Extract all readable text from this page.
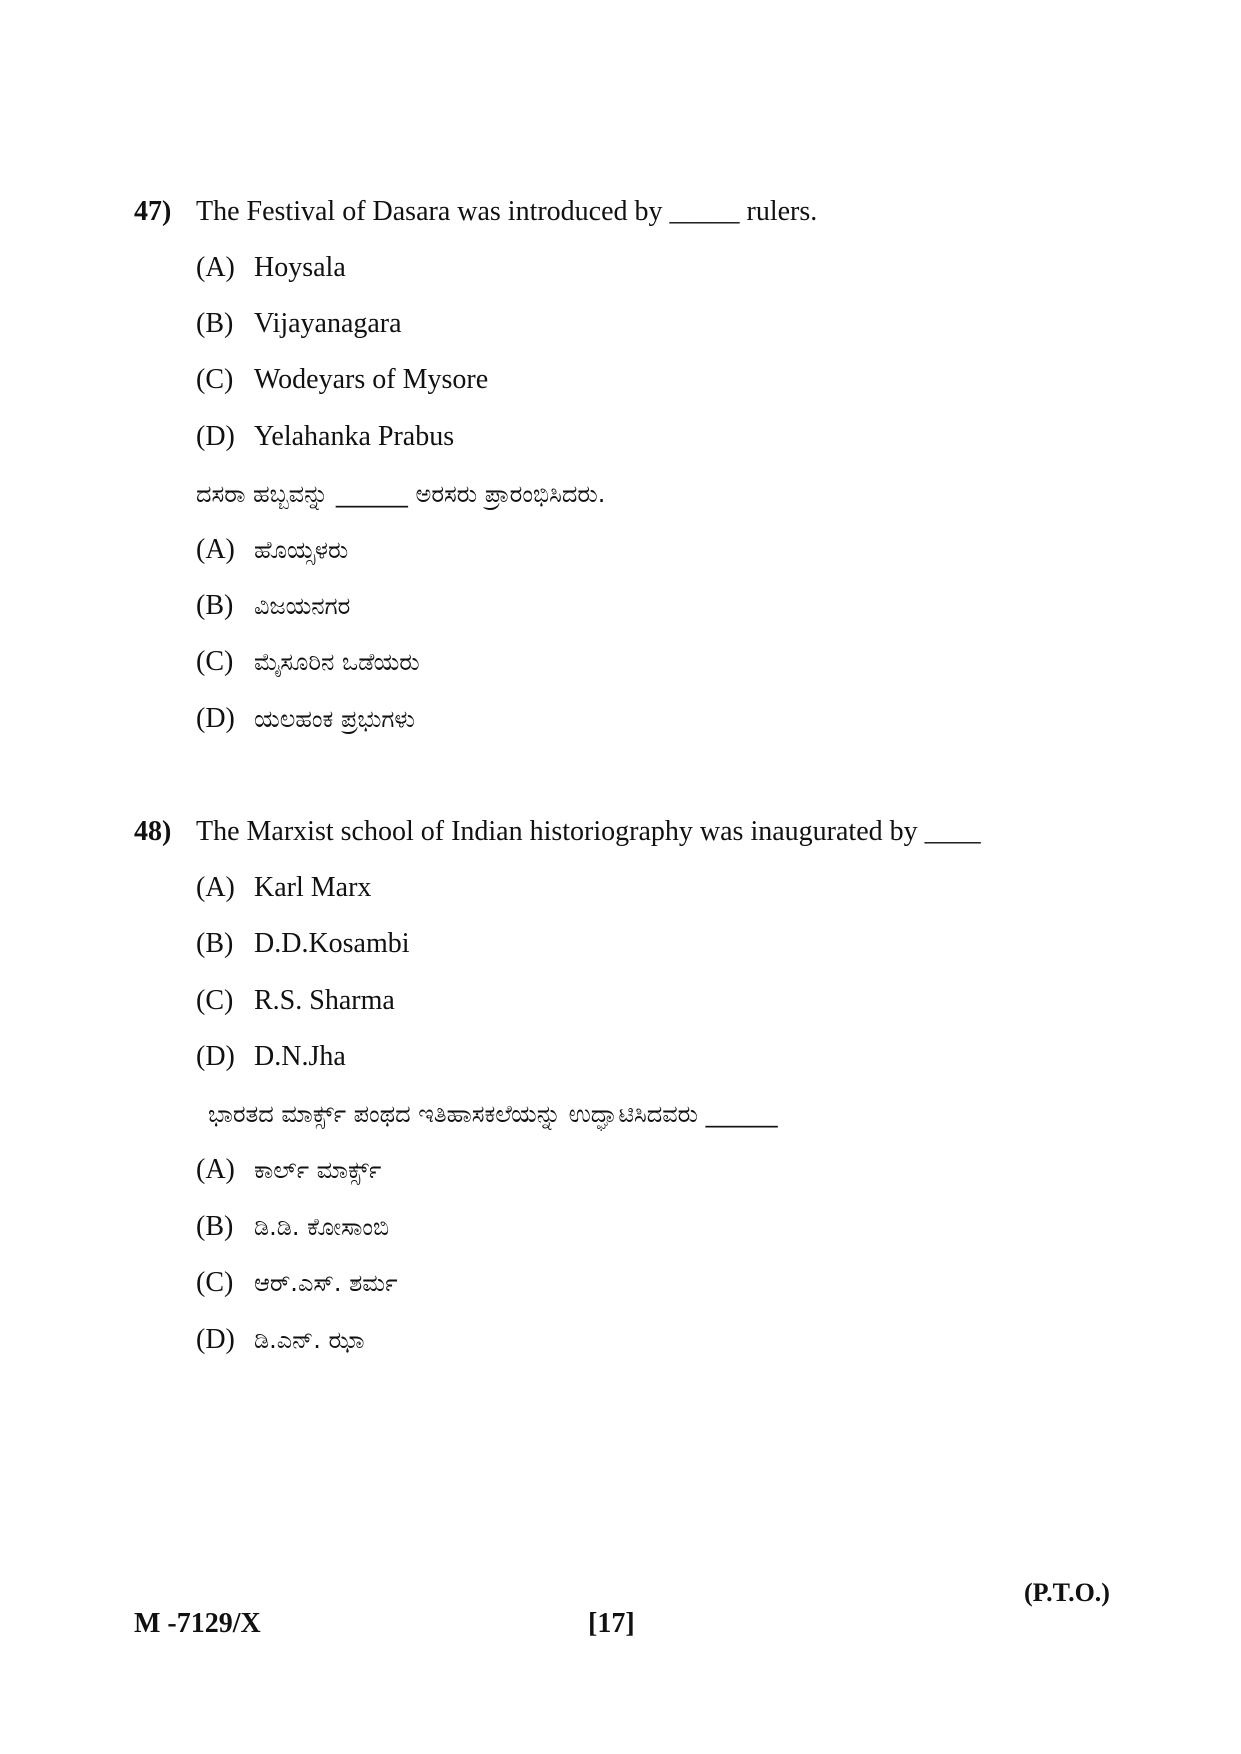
47) The Festival of Dasara was introduced by _____ rulers.
(A) Hoysala
(B) Vijayanagara
(C) Wodeyars of Mysore
(D) Yelahanka Prabus
ದಸರಾ ಹಬ್ಬವನ್ನು ______ ಅರಸರು ಪ್ರಾರಂಭಿಸಿದರು.
(A) ಹೊಯ್ಸಳರು
(B) ವಿಜಯನಗರ
(C) ಮೈಸೂರಿನ ಒಡೆಯರು
(D) ಯಲಹಂಕ ಪ್ರಭುಗಳು
48) The Marxist school of Indian historiography was inaugurated by ____
(A) Karl Marx
(B) D.D.Kosambi
(C) R.S. Sharma
(D) D.N.Jha
ಭಾರತದ ಮಾರ್ಕ್ಸ್ ಪಂಥದ ಇತಿಹಾಸಕಲೆಯನ್ನು ಉದ್ಘಾಟಿಸಿದವರು ______
(A) ಕಾರ್ಲ್ ಮಾರ್ಕ್ಸ್
(B) ಡಿ.ಡಿ. ಕೋಸಾಂಬಿ
(C) ಆರ್.ಎಸ್. ಶರ್ಮ
(D) ಡಿ.ಎನ್. ಝಾ
(P.T.O.)
M -7129/X	[17]
